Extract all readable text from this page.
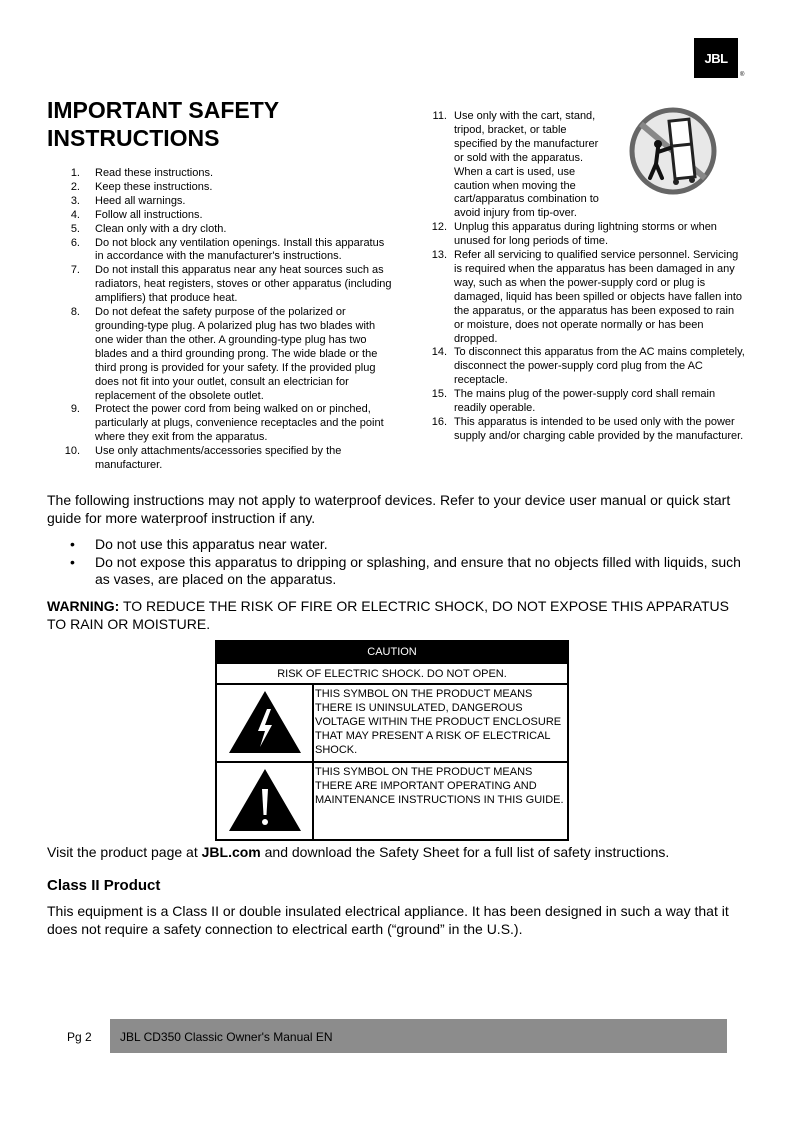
JBL
®
IMPORTANT SAFETY
INSTRUCTIONS
1. Read these instructions.
2. Keep these instructions.
3. Heed all warnings.
4. Follow all instructions.
5. Clean only with a dry cloth.
6. Do not block any ventilation openings. Install this apparatus in accordance with the manufacturer's instructions.
7. Do not install this apparatus near any heat sources such as radiators, heat registers, stoves or other apparatus (including amplifiers) that produce heat.
8. Do not defeat the safety purpose of the polarized or grounding-type plug. A polarized plug has two blades with one wider than the other. A grounding-type plug has two blades and a third grounding prong. The wide blade or the third prong is provided for your safety. If the provided plug does not fit into your outlet, consult an electrician for replacement of the obsolete outlet.
9. Protect the power cord from being walked on or pinched, particularly at plugs, convenience receptacles and the point where they exit from the apparatus.
10. Use only attachments/accessories specified by the manufacturer.
11. Use only with the cart, stand, tripod, bracket, or table specified by the manufacturer or sold with the apparatus. When a cart is used, use caution when moving the cart/apparatus combination to avoid injury from tip-over.
12. Unplug this apparatus during lightning storms or when unused for long periods of time.
13. Refer all servicing to qualified service personnel. Servicing is required when the apparatus has been damaged in any way, such as when the power-supply cord or plug is damaged, liquid has been spilled or objects have fallen into the apparatus, or the apparatus has been exposed to rain or moisture, does not operate normally or has been dropped.
14. To disconnect this apparatus from the AC mains completely, disconnect the power-supply cord plug from the AC receptacle.
15. The mains plug of the power-supply cord shall remain readily operable.
16. This apparatus is intended to be used only with the power supply and/or charging cable provided by the manufacturer.

The following instructions may not apply to waterproof devices. Refer to your device user manual or quick start guide for more waterproof instruction if any.

• Do not use this apparatus near water.
• Do not expose this apparatus to dripping or splashing, and ensure that no objects filled with liquids, such as vases, are placed on the apparatus.

WARNING: TO REDUCE THE RISK OF FIRE OR ELECTRIC SHOCK, DO NOT EXPOSE THIS APPARATUS TO RAIN OR MOISTURE.

CAUTION	
RISK OF ELECTRIC SHOCK. DO NOT OPEN.	
	THIS SYMBOL ON THE PRODUCT MEANS THERE IS UNINSULATED, DANGEROUS VOLTAGE WITHIN THE PRODUCT ENCLOSURE THAT MAY PRESENT A RISK OF ELECTRICAL SHOCK.
	THIS SYMBOL ON THE PRODUCT MEANS THERE ARE IMPORTANT OPERATING AND MAINTENANCE INSTRUCTIONS IN THIS GUIDE.

Visit the product page at JBL.com and download the Safety Sheet for a full list of safety instructions.

Class II Product

This equipment is a Class II or double insulated electrical appliance. It has been designed in such a way that it does not require a safety connection to electrical earth (“ground” in the U.S.).

Pg 2 JBL CD350 Classic Owner's Manual EN
